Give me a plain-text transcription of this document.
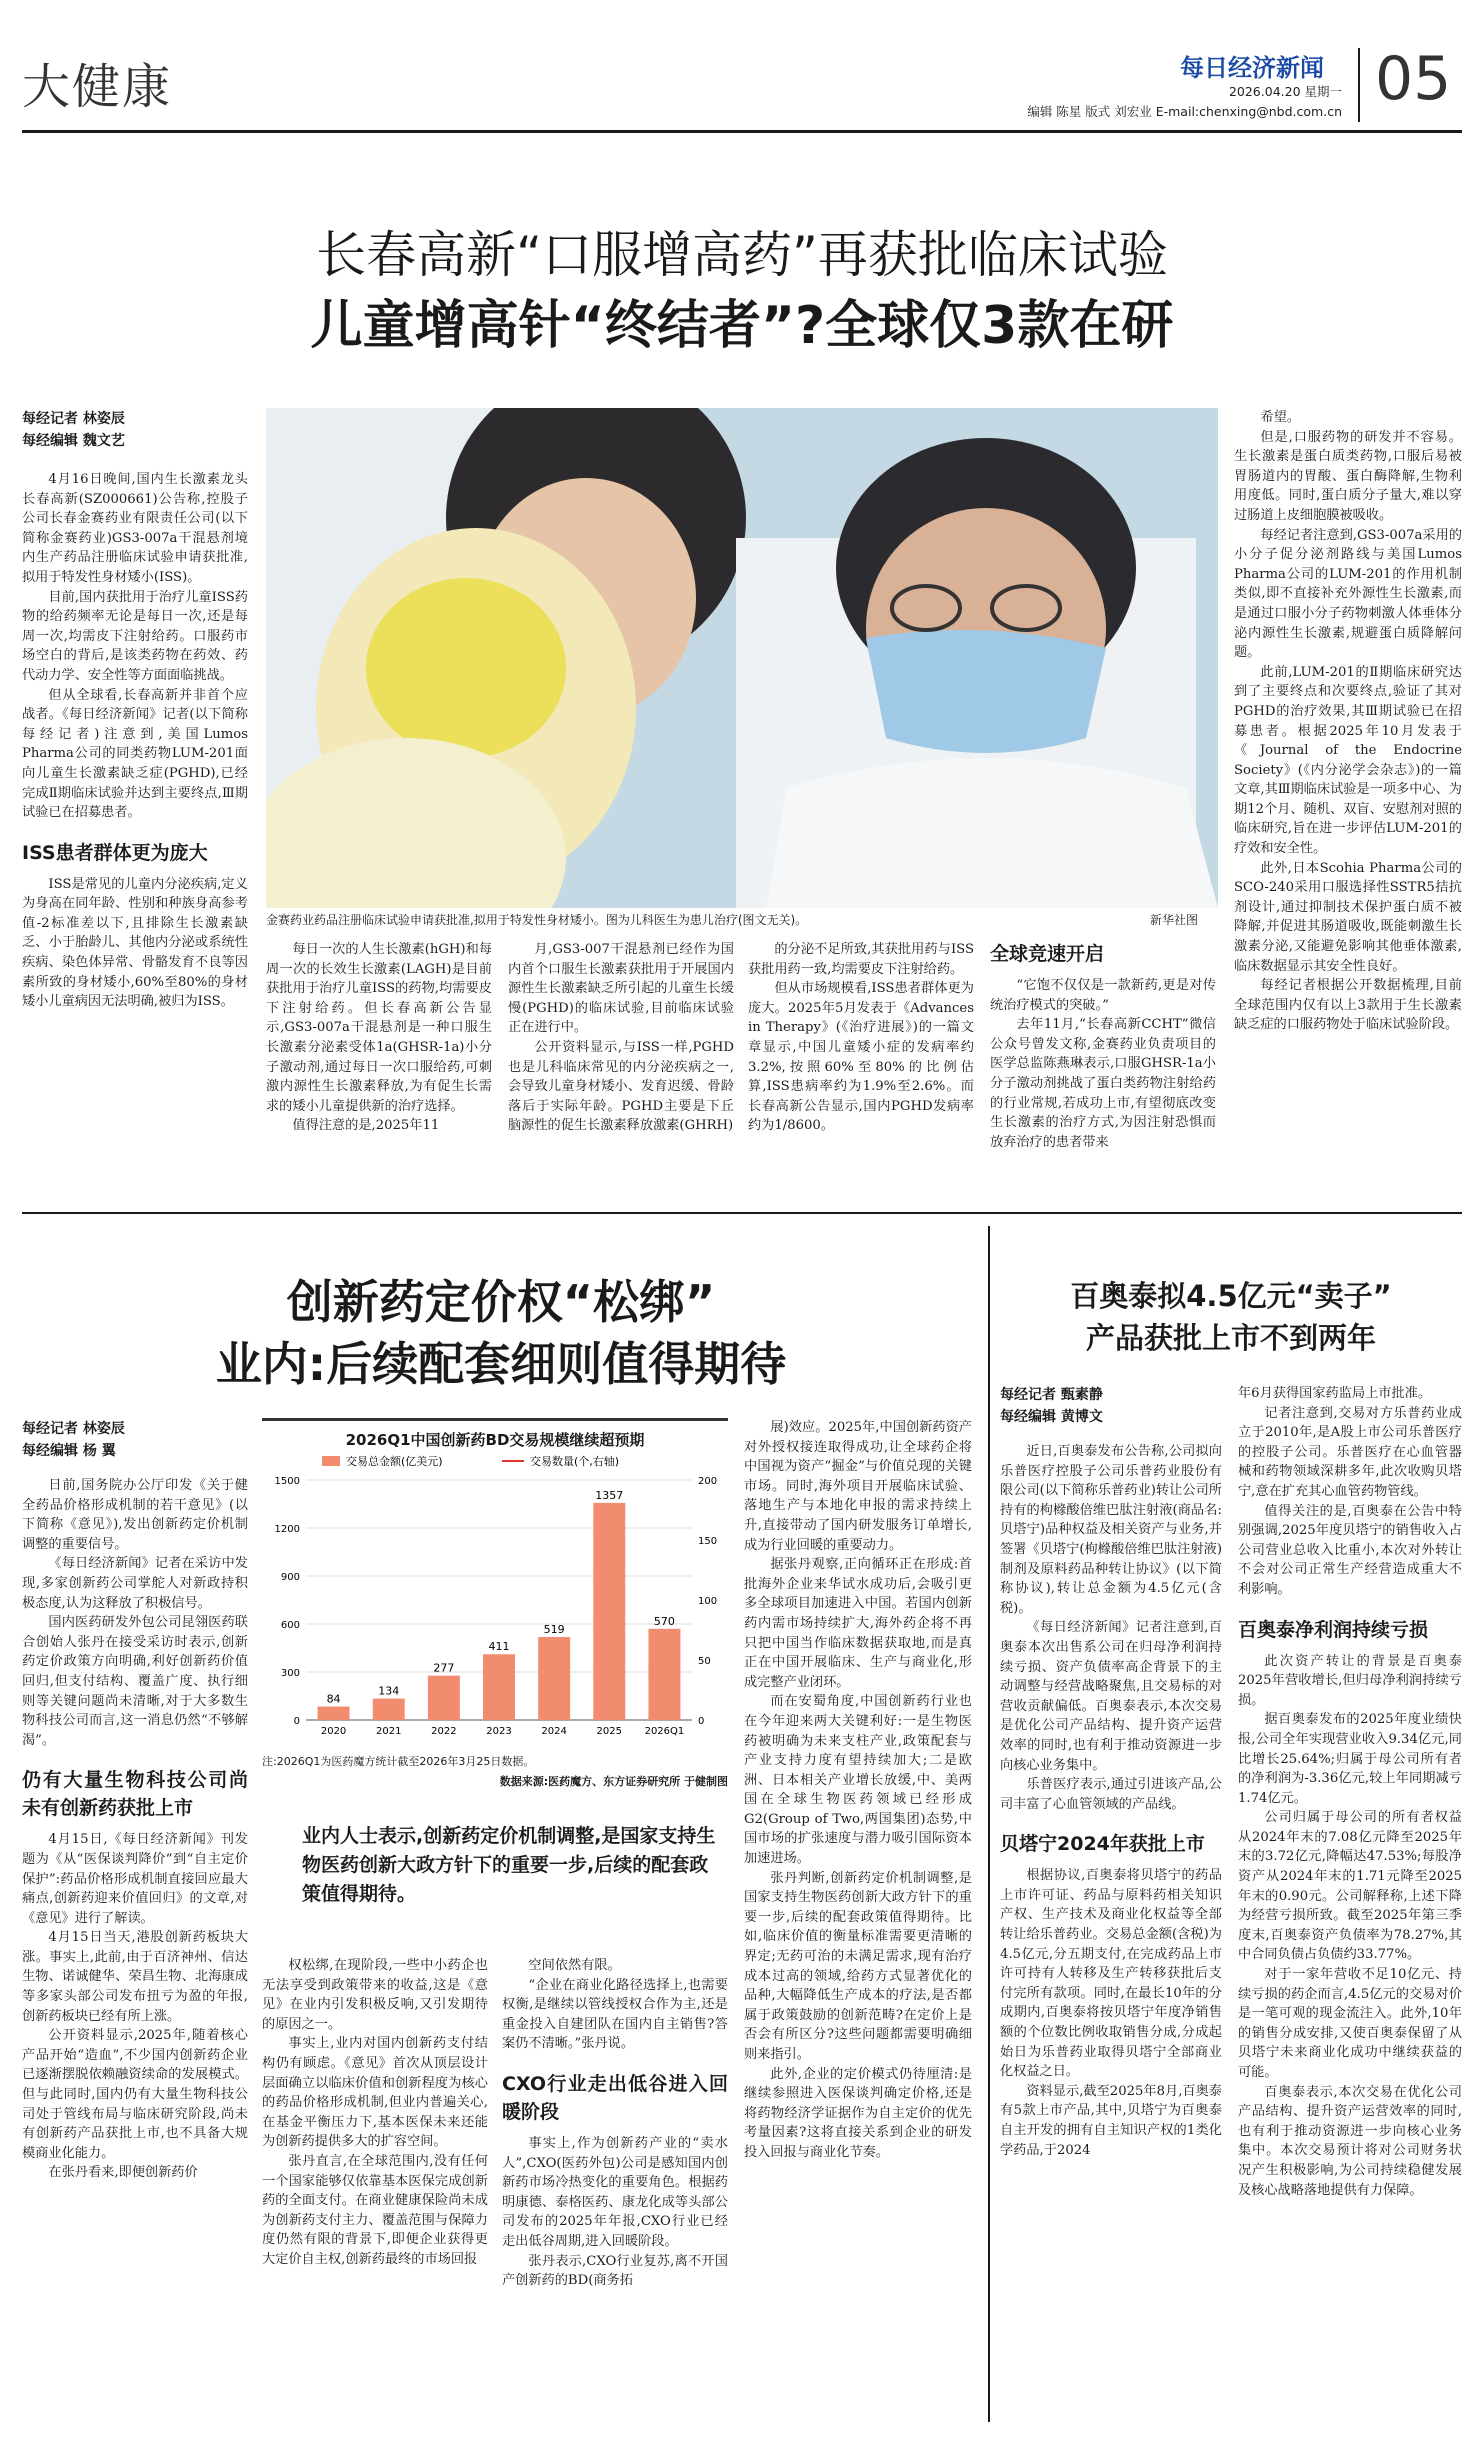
大健康	每日经济新闻
2026.04.20 星期一
编辑 陈星 版式 刘宏业 E-mail:chenxing@nbd.com.cn 05
长春高新“口服增高药”再获批临床试验
儿童增高针“终结者”?全球仅3款在研
每经记者 林姿辰
每经编辑 魏文艺

4月16日晚间,国内生长激素龙头长春高新(SZ000661)公告称,控股子公司长春金赛药业有限责任公司(以下简称金赛药业)GS3-007a干混悬剂境内生产药品注册临床试验申请获批准,拟用于特发性身材矮小(ISS)。

目前,国内获批用于治疗儿童ISS药物的给药频率无论是每日一次,还是每周一次,均需皮下注射给药。口服药市场空白的背后,是该类药物在药效、药代动力学、安全性等方面面临挑战。

但从全球看,长春高新并非首个应战者。《每日经济新闻》记者(以下简称每经记者)注意到,美国Lumos Pharma公司的同类药物LUM-201面向儿童生长激素缺乏症(PGHD),已经完成Ⅱ期临床试验并达到主要终点,Ⅲ期试验已在招募患者。

ISS患者群体更为庞大

ISS是常见的儿童内分泌疾病,定义为身高在同年龄、性别和种族身高参考值-2标准差以下,且排除生长激素缺乏、小于胎龄儿、其他内分泌或系统性疾病、染色体异常、骨骼发育不良等因素所致的身材矮小,60%至80%的身材矮小儿童病因无法明确,被归为ISS。

金赛药业药品注册临床试验申请获批准,拟用于特发性身材矮小。图为儿科医生为患儿治疗(图文无关)。	新华社图

每日一次的人生长激素(hGH)和每周一次的长效生长激素(LAGH)是目前获批用于治疗儿童ISS的药物,均需要皮下注射给药。但长春高新公告显示,GS3-007a干混悬剂是一种口服生长激素分泌素受体1a(GHSR-1a)小分子激动剂,通过每日一次口服给药,可刺激内源性生长激素释放,为有促生长需求的矮小儿童提供新的治疗选择。

值得注意的是,2025年11

月,GS3-007干混悬剂已经作为国内首个口服生长激素获批用于开展国内源性生长激素缺乏所引起的儿童生长缓慢(PGHD)的临床试验,目前临床试验正在进行中。

公开资料显示,与ISS一样,PGHD也是儿科临床常见的内分泌疾病之一,会导致儿童身材矮小、发育迟缓、骨龄落后于实际年龄。PGHD主要是下丘脑源性的促生长激素释放激素(GHRH)

的分泌不足所致,其获批用药与ISS获批用药一致,均需要皮下注射给药。

但从市场规模看,ISS患者群体更为庞大。2025年5月发表于《Advances in Therapy》(《治疗进展》)的一篇文章显示,中国儿童矮小症的发病率约3.2%,按照60%至80%的比例估算,ISS患病率约为1.9%至2.6%。而长春高新公告显示,国内PGHD发病率约为1/8600。

全球竞速开启

“它饱不仅仅是一款新药,更是对传统治疗模式的突破。”

去年11月,“长春高新CCHT”微信公众号曾发文称,金赛药业负责项目的医学总监陈燕琳表示,口服GHSR-1a小分子激动剂挑战了蛋白类药物注射给药的行业常规,若成功上市,有望彻底改变生长激素的治疗方式,为因注射恐惧而放弃治疗的患者带来

希望。

但是,口服药物的研发并不容易。生长激素是蛋白质类药物,口服后易被胃肠道内的胃酸、蛋白酶降解,生物利用度低。同时,蛋白质分子量大,难以穿过肠道上皮细胞膜被吸收。

每经记者注意到,GS3-007a采用的小分子促分泌剂路线与美国Lumos Pharma公司的LUM-201的作用机制类似,即不直接补充外源性生长激素,而是通过口服小分子药物刺激人体垂体分泌内源性生长激素,规避蛋白质降解问题。

此前,LUM-201的Ⅱ期临床研究达到了主要终点和次要终点,验证了其对PGHD的治疗效果,其Ⅲ期试验已在招募患者。根据2025年10月发表于《Journal of the Endocrine Society》(《内分泌学会杂志》)的一篇文章,其Ⅲ期临床试验是一项多中心、为期12个月、随机、双盲、安慰剂对照的临床研究,旨在进一步评估LUM-201的疗效和安全性。

此外,日本Scohia Pharma公司的SCO-240采用口服选择性SSTR5拮抗剂设计,通过抑制技术保护蛋白质不被降解,并促进其肠道吸收,既能刺激生长激素分泌,又能避免影响其他垂体激素,临床数据显示其安全性良好。

每经记者根据公开数据梳理,目前全球范围内仅有以上3款用于生长激素缺乏症的口服药物处于临床试验阶段。

创新药定价权“松绑”
业内:后续配套细则值得期待
每经记者 林姿辰
每经编辑 杨 翼

日前,国务院办公厅印发《关于健全药品价格形成机制的若干意见》(以下简称《意见》),发出创新药定价机制调整的重要信号。

《每日经济新闻》记者在采访中发现,多家创新药公司掌舵人对新政持积极态度,认为这释放了积极信号。

国内医药研发外包公司昆翎医药联合创始人张丹在接受采访时表示,创新药定价政策方向明确,利好创新药价值回归,但支付结构、覆盖广度、执行细则等关键问题尚未清晰,对于大多数生物科技公司而言,这一消息仍然“不够解渴”。

仍有大量生物科技公司尚未有创新药获批上市

4月15日,《每日经济新闻》刊发题为《从“医保谈判降价”到“自主定价保护”:药品价格形成机制直接回应最大痛点,创新药迎来价值回归》的文章,对《意见》进行了解读。

4月15日当天,港股创新药板块大涨。事实上,此前,由于百济神州、信达生物、诺诚健华、荣昌生物、北海康成等多家头部公司发布扭亏为盈的年报,创新药板块已经有所上涨。

公开资料显示,2025年,随着核心产品开始“造血”,不少国内创新药企业已逐渐摆脱依赖融资续命的发展模式。但与此同时,国内仍有大量生物科技公司处于管线布局与临床研究阶段,尚未有创新药产品获批上市,也不具备大规模商业化能力。

在张丹看来,即便创新药价

2026Q1中国创新药BD交易规模继续超预期
交易总金额(亿美元)	交易数量(个,右轴)
0
300
600
900
1200
1500
0
50
100
150
200
84
2020
134
2021
277
2022
411
2023
519
2024
1357
2025
570
2026Q1
注:2026Q1为医药魔方统计截至2026年3月25日数据。
数据来源:医药魔方、东方证券研究所 于健制图
业内人士表示,创新药定价机制调整,是国家支持生物医药创新大政方针下的重要一步,后续的配套政策值得期待。

权松绑,在现阶段,一些中小药企也无法享受到政策带来的收益,这是《意见》在业内引发积极反响,又引发期待的原因之一。

事实上,业内对国内创新药支付结构仍有顾虑。《意见》首次从顶层设计层面确立以临床价值和创新程度为核心的药品价格形成机制,但业内普遍关心,在基金平衡压力下,基本医保未来还能为创新药提供多大的扩容空间。

张丹直言,在全球范围内,没有任何一个国家能够仅依靠基本医保完成创新药的全面支付。在商业健康保险尚未成为创新药支付主力、覆盖范围与保障力度仍然有限的背景下,即便企业获得更大定价自主权,创新药最终的市场回报

空间依然有限。

“企业在商业化路径选择上,也需要权衡,是继续以管线授权合作为主,还是重金投入自建团队在国内自主销售?答案仍不清晰。”张丹说。

CXO行业走出低谷进入回暖阶段

事实上,作为创新药产业的“卖水人”,CXO(医药外包)公司是感知国内创新药市场冷热变化的重要角色。根据药明康德、泰格医药、康龙化成等头部公司发布的2025年年报,CXO行业已经走出低谷周期,进入回暖阶段。

张丹表示,CXO行业复苏,离不开国产创新药的BD(商务拓

展)效应。2025年,中国创新药资产对外授权接连取得成功,让全球药企将中国视为资产“掘金”与价值兑现的关键市场。同时,海外项目开展临床试验、落地生产与本地化申报的需求持续上升,直接带动了国内研发服务订单增长,成为行业回暖的重要动力。

据张丹观察,正向循环正在形成:首批海外企业来华试水成功后,会吸引更多全球项目加速进入中国。若国内创新药内需市场持续扩大,海外药企将不再只把中国当作临床数据获取地,而是真正在中国开展临床、生产与商业化,形成完整产业闭环。

而在安蜀角度,中国创新药行业也在今年迎来两大关键利好:一是生物医药被明确为未来支柱产业,政策配套与产业支持力度有望持续加大;二是欧洲、日本相关产业增长放缓,中、美两国在全球生物医药领域已经形成G2(Group of Two,两国集团)态势,中国市场的扩张速度与潜力吸引国际资本加速进场。

张丹判断,创新药定价机制调整,是国家支持生物医药创新大政方针下的重要一步,后续的配套政策值得期待。比如,临床价值的衡量标准需要更清晰的界定;无药可治的未满足需求,现有治疗成本过高的领域,给药方式显著优化的品种,大幅降低生产成本的疗法,是否都属于政策鼓励的创新范畴?在定价上是否会有所区分?这些问题都需要明确细则来指引。

此外,企业的定价模式仍待厘清:是继续参照进入医保谈判确定价格,还是将药物经济学证据作为自主定价的优先考量因素?这将直接关系到企业的研发投入回报与商业化节奏。

百奥泰拟4.5亿元“卖子”
产品获批上市不到两年
每经记者 甄素静
每经编辑 黄博文

近日,百奥泰发布公告称,公司拟向乐普医疗控股子公司乐普药业股份有限公司(以下简称乐普药业)转让公司所持有的枸橼酸倍维巴肽注射液(商品名:贝塔宁)品种权益及相关资产与业务,并签署《贝塔宁(枸橼酸倍维巴肽注射液)制剂及原料药品种转让协议》(以下简称协议),转让总金额为4.5亿元(含税)。

《每日经济新闻》记者注意到,百奥泰本次出售系公司在归母净利润持续亏损、资产负债率高企背景下的主动调整与经营战略聚焦,且交易标的对营收贡献偏低。百奥泰表示,本次交易是优化公司产品结构、提升资产运营效率的同时,也有利于推动资源进一步向核心业务集中。

乐普医疗表示,通过引进该产品,公司丰富了心血管领域的产品线。

贝塔宁2024年获批上市

根据协议,百奥泰将贝塔宁的药品上市许可证、药品与原料药相关知识产权、生产技术及商业化权益等全部转让给乐普药业。交易总金额(含税)为4.5亿元,分五期支付,在完成药品上市许可持有人转移及生产转移获批后支付完所有款项。同时,在最长10年的分成期内,百奥泰将按贝塔宁年度净销售额的个位数比例收取销售分成,分成起始日为乐普药业取得贝塔宁全部商业化权益之日。

资料显示,截至2025年8月,百奥泰有5款上市产品,其中,贝塔宁为百奥泰自主开发的拥有自主知识产权的1类化学药品,于2024

年6月获得国家药监局上市批准。

记者注意到,交易对方乐普药业成立于2010年,是A股上市公司乐普医疗的控股子公司。乐普医疗在心血管器械和药物领域深耕多年,此次收购贝塔宁,意在扩充其心血管药物管线。

值得关注的是,百奥泰在公告中特别强调,2025年度贝塔宁的销售收入占公司营业总收入比重小,本次对外转让不会对公司正常生产经营造成重大不利影响。

百奥泰净利润持续亏损

此次资产转让的背景是百奥泰2025年营收增长,但归母净利润持续亏损。

据百奥泰发布的2025年度业绩快报,公司全年实现营业收入9.34亿元,同比增长25.64%;归属于母公司所有者的净利润为-3.36亿元,较上年同期减亏1.74亿元。

公司归属于母公司的所有者权益从2024年末的7.08亿元降至2025年末的3.72亿元,降幅达47.53%;每股净资产从2024年末的1.71元降至2025年末的0.90元。公司解释称,上述下降为经营亏损所致。截至2025年第三季度末,百奥泰资产负债率为78.27%,其中合同负债占负债约33.77%。

对于一家年营收不足10亿元、持续亏损的药企而言,4.5亿元的交易对价是一笔可观的现金流注入。此外,10年的销售分成安排,又使百奥泰保留了从贝塔宁未来商业化成功中继续获益的可能。

百奥泰表示,本次交易在优化公司产品结构、提升资产运营效率的同时,也有利于推动资源进一步向核心业务集中。本次交易预计将对公司财务状况产生积极影响,为公司持续稳健发展及核心战略落地提供有力保障。
